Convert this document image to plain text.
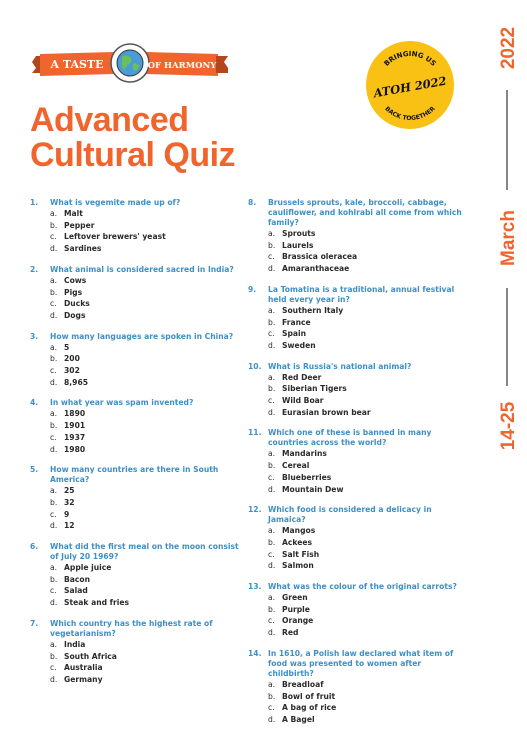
A TASTE	OF HARMONY
Advanced
Cultural Quiz
BRINGING US
ATOH 2022
BACK TOGETHER
2022
March
14-25
1.	What is vegemite made up of?
a. Malt
b. Pepper
c. Leftover brewers' yeast
d. Sardines
2.	What animal is considered sacred in India?
a. Cows
b. Pigs
c. Ducks
d. Dogs
3.	How many languages are spoken in China?
a. 5
b. 200
c. 302
d. 8,965
4.	In what year was spam invented?
a. 1890
b. 1901
c. 1937
d. 1980
5.	How many countries are there in South America?
a. 25
b. 32
c. 9
d. 12
6.	What did the first meal on the moon consist of July 20 1969?
a. Apple juice
b. Bacon
c. Salad
d. Steak and fries
7.	Which country has the highest rate of vegetarianism?
a. India
b. South Africa
c. Australia
d. Germany
8.	Brussels sprouts, kale, broccoli, cabbage, cauliflower, and kohlrabi all come from which family?
a. Sprouts
b. Laurels
c. Brassica oleracea
d. Amaranthaceae
9.	La Tomatina is a traditional, annual festival held every year in?
a. Southern Italy
b. France
c. Spain
d. Sweden
10. What is Russia's national animal?
a. Red Deer
b. Siberian Tigers
c. Wild Boar
d. Eurasian brown bear
11. Which one of these is banned in many countries across the world?
a. Mandarins
b. Cereal
c. Blueberries
d. Mountain Dew
12. Which food is considered a delicacy in Jamaica?
a. Mangos
b. Ackees
c. Salt Fish
d. Salmon
13. What was the colour of the original carrots?
a. Green
b. Purple
c. Orange
d. Red
14. In 1610, a Polish law declared what item of food was presented to women after childbirth?
a. Breadloaf
b. Bowl of fruit
c. A bag of rice
d. A Bagel
